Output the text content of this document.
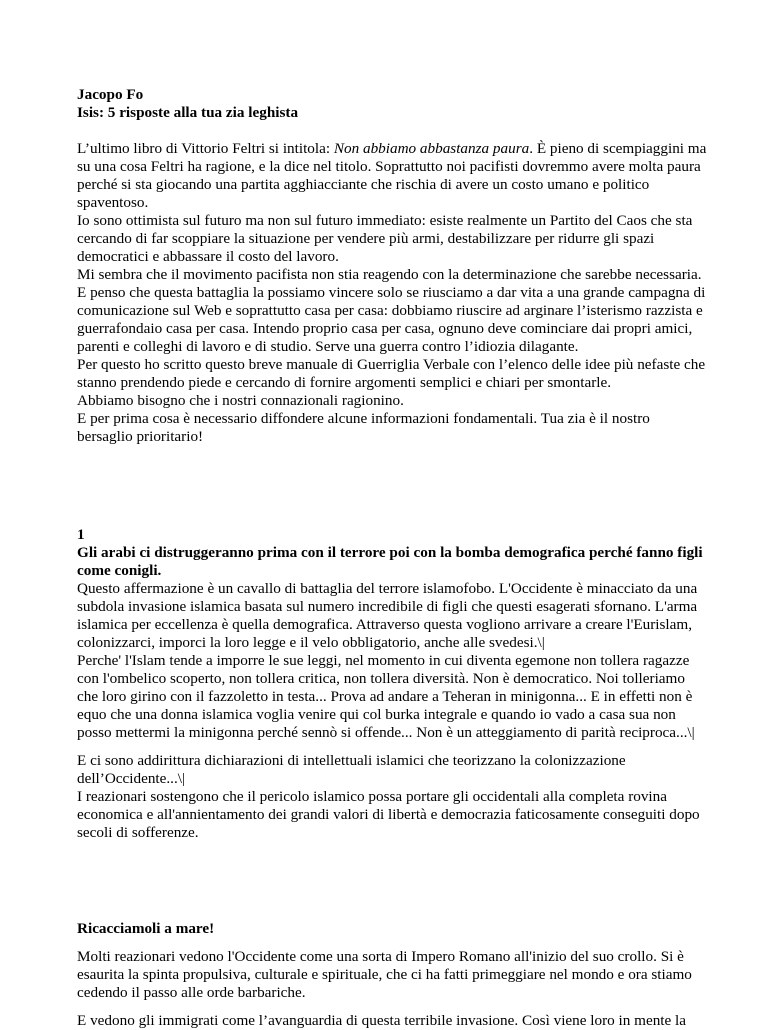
Jacopo Fo

Isis: 5 risposte alla tua zia leghista

L’ultimo libro di Vittorio Feltri si intitola: Non abbiamo abbastanza paura. È pieno di scempiaggini ma su una cosa Feltri ha ragione, e la dice nel titolo. Soprattutto noi pacifisti dovremmo avere molta paura perché si sta giocando una partita agghiacciante che rischia di avere un costo umano e politico spaventoso.

Io sono ottimista sul futuro ma non sul futuro immediato: esiste realmente un Partito del Caos che sta cercando di far scoppiare la situazione per vendere più armi, destabilizzare per ridurre gli spazi democratici e abbassare il costo del lavoro.

Mi sembra che il movimento pacifista non stia reagendo con la determinazione che sarebbe necessaria.

E penso che questa battaglia la possiamo vincere solo se riusciamo a dar vita a una grande campagna di comunicazione sul Web e soprattutto casa per casa: dobbiamo riuscire ad arginare l’isterismo razzista e guerrafondaio casa per casa. Intendo proprio casa per casa, ognuno deve cominciare dai propri amici, parenti e colleghi di lavoro e di studio. Serve una guerra contro l’idiozia dilagante.

Per questo ho scritto questo breve manuale di Guerriglia Verbale con l’elenco delle idee più nefaste che stanno prendendo piede e cercando di fornire argomenti semplici e chiari per smontarle.

Abbiamo bisogno che i nostri connazionali ragionino.

E per prima cosa è necessario diffondere alcune informazioni fondamentali. Tua zia è il nostro bersaglio prioritario!

1

Gli arabi ci distruggeranno prima con il terrore poi con la bomba demografica perché fanno figli come conigli.

Questo affermazione è un cavallo di battaglia del terrore islamofobo. L'Occidente è minacciato da una subdola invasione islamica basata sul numero incredibile di figli che questi esagerati sfornano. L'arma islamica per eccellenza è quella demografica. Attraverso questa vogliono arrivare a creare l'Eurislam, colonizzarci, imporci la loro legge e il velo obbligatorio, anche alle svedesi.\|

Perche' l'Islam tende a imporre le sue leggi, nel momento in cui diventa egemone non tollera ragazze con l'ombelico scoperto, non tollera critica, non tollera diversità. Non è democratico. Noi tolleriamo che loro girino con il fazzoletto in testa... Prova ad andare a Teheran in minigonna... E in effetti non è equo che una donna islamica voglia venire qui col burka integrale e quando io vado a casa sua non posso mettermi la minigonna perché sennò si offende... Non è un atteggiamento di parità reciproca...\|

E ci sono addirittura dichiarazioni di intellettuali islamici che teorizzano la colonizzazione dell’Occidente...\|

I reazionari sostengono che il pericolo islamico possa portare gli occidentali alla completa rovina economica e all'annientamento dei grandi valori di libertà e democrazia faticosamente conseguiti dopo secoli di sofferenze.

Ricacciamoli a mare!

Molti reazionari vedono l'Occidente come una sorta di Impero Romano all'inizio del suo crollo. Si è esaurita la spinta propulsiva, culturale e spirituale, che ci ha fatti primeggiare nel mondo e ora stiamo cedendo il passo alle orde barbariche.

E vedono gli immigrati come l’avanguardia di questa terribile invasione. Così viene loro in mente la
